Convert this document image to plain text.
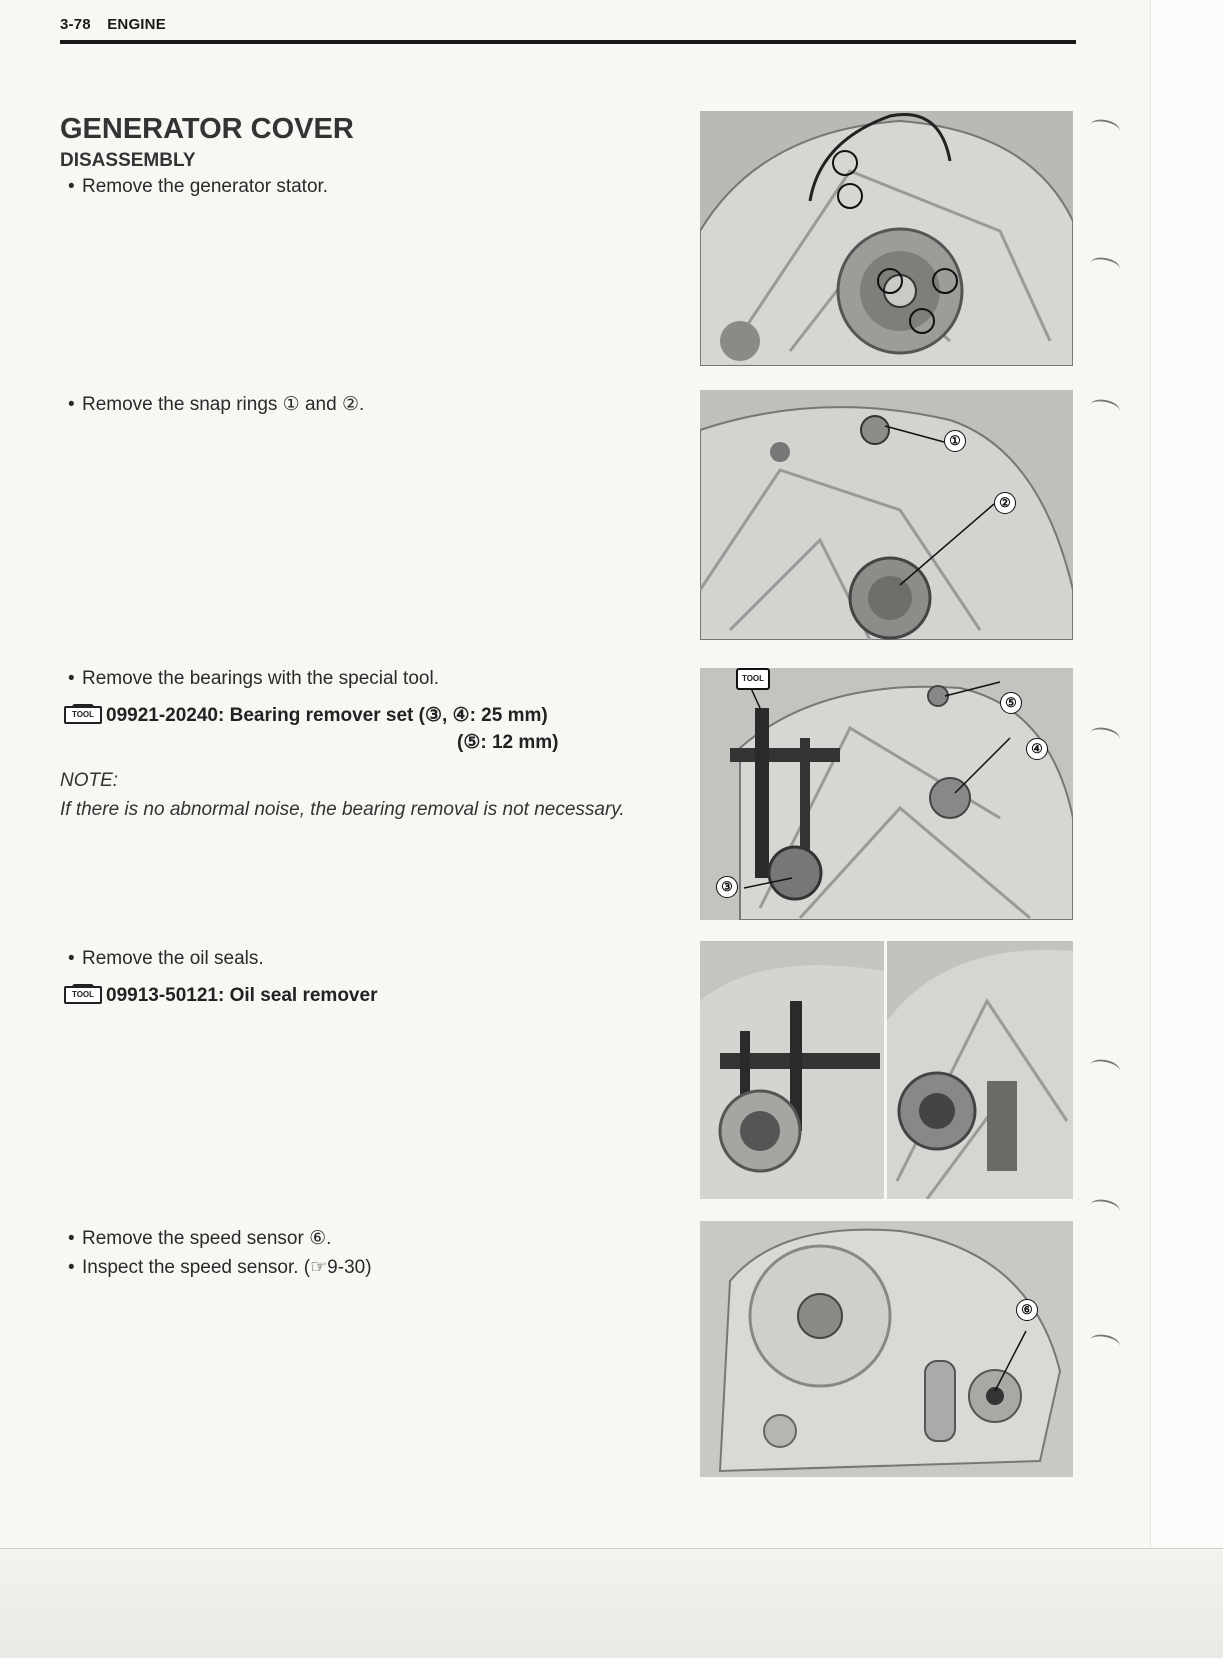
3-78 ENGINE
GENERATOR COVER
DISASSEMBLY
• Remove the generator stator.
• Remove the snap rings ① and ②.
• Remove the bearings with the special tool.
TOOL 09921-20240: Bearing remover set (③, ④: 25 mm)
(⑤: 12 mm)
NOTE:
If there is no abnormal noise, the bearing removal is not necessary.
• Remove the oil seals.
TOOL 09913-50121: Oil seal remover
• Remove the speed sensor ⑥.
• Inspect the speed sensor. (☞9-30)
①
②
TOOL
③
④
⑤
⑥
